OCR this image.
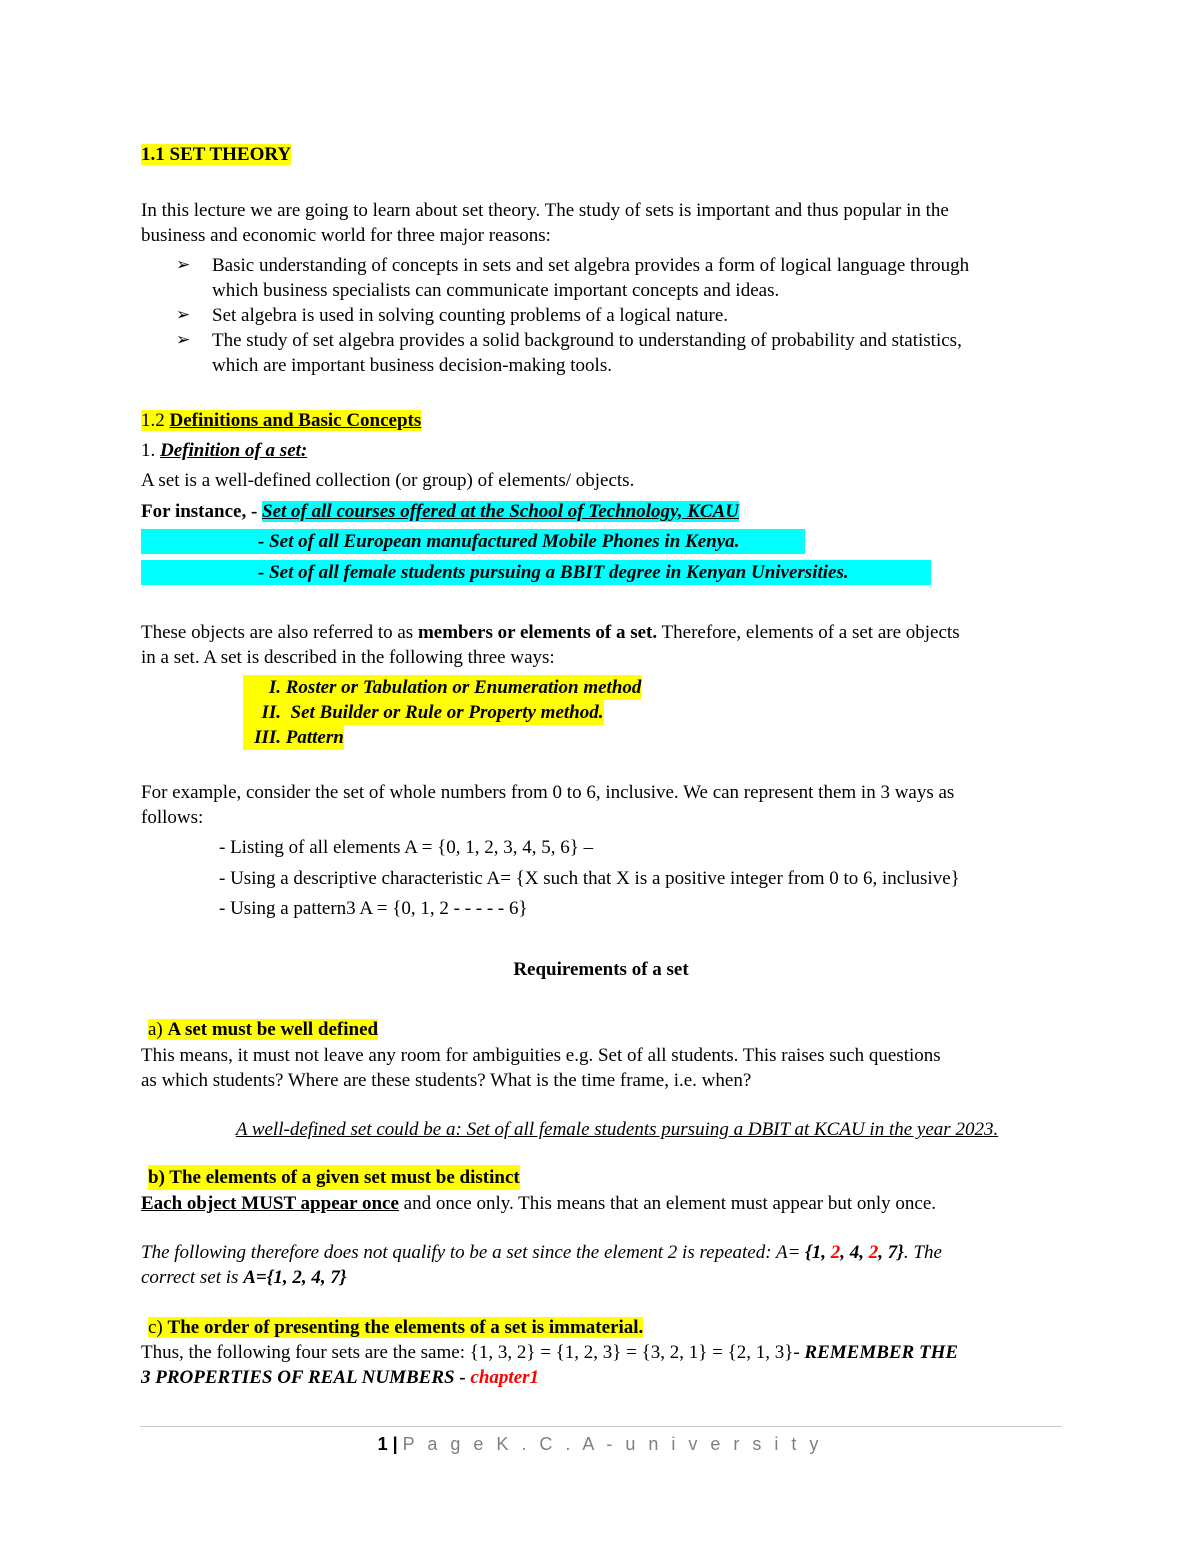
1.1 SET THEORY
In this lecture we are going to learn about set theory. The study of sets is important and thus popular in the
business and economic world for three major reasons:
➢ Basic understanding of concepts in sets and set algebra provides a form of logical language through
which business specialists can communicate important concepts and ideas.
➢ Set algebra is used in solving counting problems of a logical nature.
➢ The study of set algebra provides a solid background to understanding of probability and statistics,
which are important business decision-making tools.
1.2 Definitions and Basic Concepts
1. Definition of a set:
A set is a well-defined collection (or group) of elements/ objects.
For instance, - Set of all courses offered at the School of Technology, KCAU
- Set of all European manufactured Mobile Phones in Kenya.
- Set of all female students pursuing a BBIT degree in Kenyan Universities.
These objects are also referred to as members or elements of a set. Therefore, elements of a set are objects
in a set. A set is described in the following three ways:
I. Roster or Tabulation or Enumeration method
II. Set Builder or Rule or Property method.
III. Pattern
For example, consider the set of whole numbers from 0 to 6, inclusive. We can represent them in 3 ways as
follows:
- Listing of all elements A = {0, 1, 2, 3, 4, 5, 6} –
- Using a descriptive characteristic A= {X such that X is a positive integer from 0 to 6, inclusive}
- Using a pattern3 A = {0, 1, 2 - - - - - 6}
Requirements of a set
a) A set must be well defined
This means, it must not leave any room for ambiguities e.g. Set of all students. This raises such questions
as which students? Where are these students? What is the time frame, i.e. when?
A well-defined set could be a: Set of all female students pursuing a DBIT at KCAU in the year 2023.
b) The elements of a given set must be distinct
Each object MUST appear once and once only. This means that an element must appear but only once.
The following therefore does not qualify to be a set since the element 2 is repeated: A= {1, 2, 4, 2, 7}. The
correct set is A={1, 2, 4, 7}
c) The order of presenting the elements of a set is immaterial.
Thus, the following four sets are the same: {1, 3, 2} = {1, 2, 3} = {3, 2, 1} = {2, 1, 3}- REMEMBER THE
3 PROPERTIES OF REAL NUMBERS - chapter1
1 | P a g e K . C . A - u n i v e r s i t y
